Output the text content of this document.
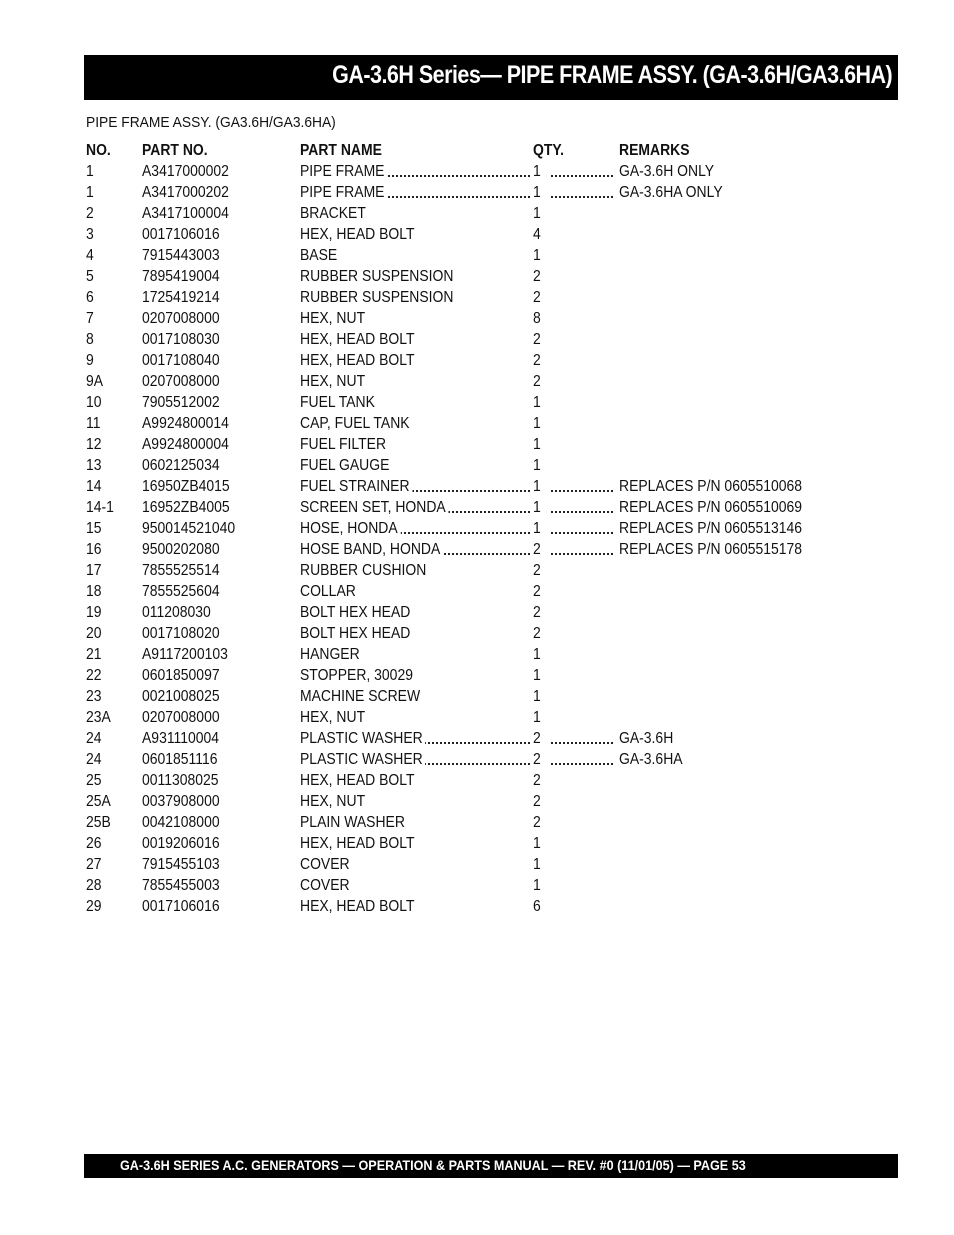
GA-3.6H Series— PIPE FRAME ASSY. (GA-3.6H/GA3.6HA)
PIPE FRAME ASSY. (GA3.6H/GA3.6HA)
NO.	PART NO.	PART NAME	QTY.	REMARKS
1	A3417000002	PIPE FRAME	1	GA-3.6H ONLY
1	A3417000202	PIPE FRAME	1	GA-3.6HA ONLY
2	A3417100004	BRACKET	1	
3	0017106016	HEX, HEAD BOLT	4	
4	7915443003	BASE	1	
5	7895419004	RUBBER SUSPENSION	2	
6	1725419214	RUBBER SUSPENSION	2	
7	0207008000	HEX, NUT	8	
8	0017108030	HEX, HEAD BOLT	2	
9	0017108040	HEX, HEAD BOLT	2	
9A	0207008000	HEX, NUT	2	
10	7905512002	FUEL TANK	1	
11	A9924800014	CAP, FUEL TANK	1	
12	A9924800004	FUEL FILTER	1	
13	0602125034	FUEL GAUGE	1	
14	16950ZB4015	FUEL STRAINER	1	REPLACES P/N 0605510068
14-1	16952ZB4005	SCREEN SET, HONDA	1	REPLACES P/N 0605510069
15	950014521040	HOSE, HONDA	1	REPLACES P/N 0605513146
16	9500202080	HOSE BAND, HONDA	2	REPLACES P/N 0605515178
17	7855525514	RUBBER CUSHION	2	
18	7855525604	COLLAR	2	
19	011208030	BOLT HEX HEAD	2	
20	0017108020	BOLT HEX HEAD	2	
21	A9117200103	HANGER	1	
22	0601850097	STOPPER, 30029	1	
23	0021008025	MACHINE SCREW	1	
23A	0207008000	HEX, NUT	1	
24	A931110004	PLASTIC WASHER	2	GA-3.6H
24	0601851116	PLASTIC WASHER	2	GA-3.6HA
25	0011308025	HEX, HEAD BOLT	2	
25A	0037908000	HEX, NUT	2	
25B	0042108000	PLAIN WASHER	2	
26	0019206016	HEX, HEAD BOLT	1	
27	7915455103	COVER	1	
28	7855455003	COVER	1	
29	0017106016	HEX, HEAD BOLT	6	
GA-3.6H SERIES A.C. GENERATORS — OPERATION & PARTS MANUAL — REV. #0 (11/01/05) — PAGE 53
